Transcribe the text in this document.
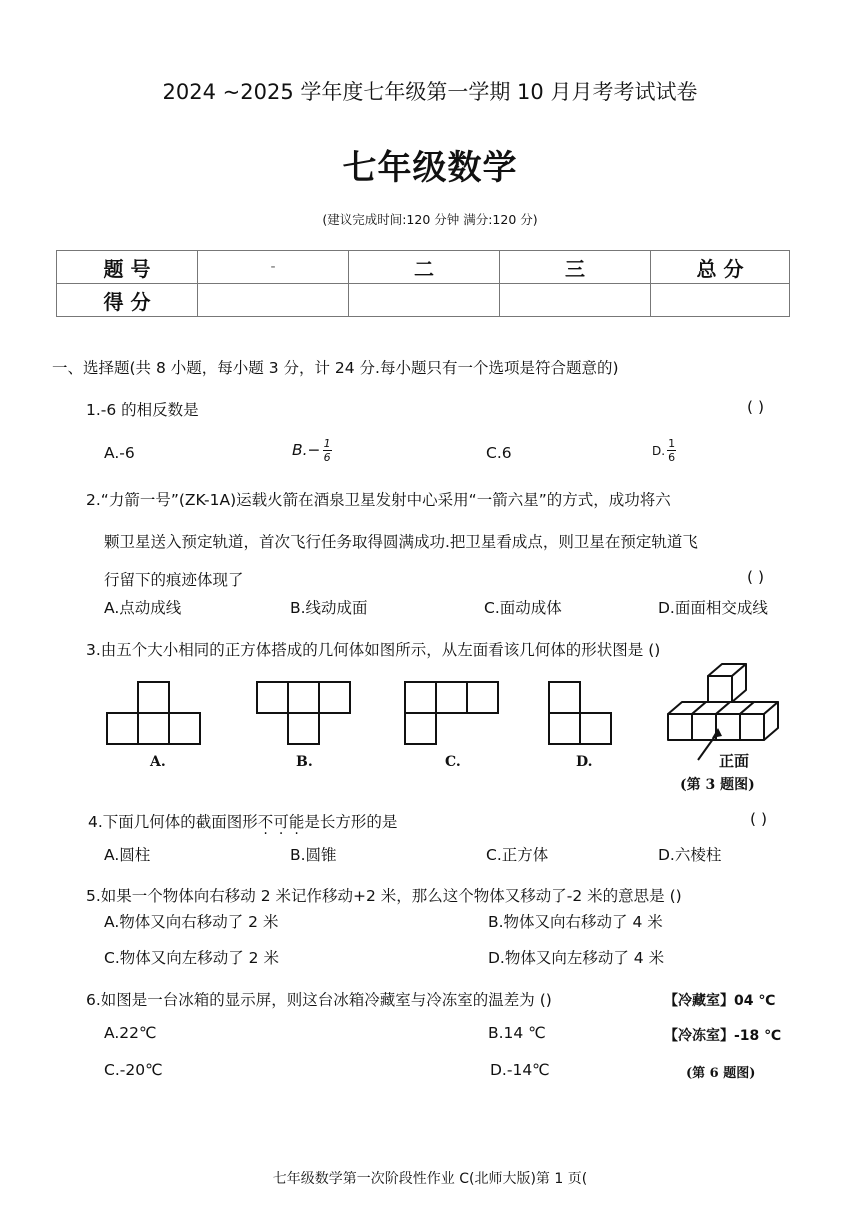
2024 ~2025 学年度七年级第一学期 10 月月考考试试卷
七年级数学
(建议完成时间:120 分钟 满分:120 分)
题 号	-	二	三	总 分
得 分				
一、选择题(共 8 小题，每小题 3 分，计 24 分.每小题只有一个选项是符合题意的)
1.-6 的相反数是	( )
A.-6	$B.- \frac{1}{6}$	C.6	D. $\frac{1}{6}$
2.“力箭一号”(ZK-1A)运载火箭在酒泉卫星发射中心采用“一箭六星”的方式，成功将六
颗卫星送入预定轨道，首次飞行任务取得圆满成功.把卫星看成点，则卫星在预定轨道飞
行留下的痕迹体现了	( )
A.点动成线	B.线动成面	C.面动成体	D.面面相交成线
3.由五个大小相同的正方体搭成的几何体如图所示，从左面看该几何体的形状图是 ()
A.	B.	C.	D.	正面
(第 3 题图)
4.下面几何体的截面图形不可能是长方形的是	( )
A.圆柱	B.圆锥	C.正方体	D.六棱柱
5.如果一个物体向右移动 2 米记作移动+2 米，那么这个物体又移动了-2 米的意思是 ()
A.物体又向右移动了 2 米	B.物体又向右移动了 4 米
C.物体又向左移动了 2 米	D.物体又向左移动了 4 米
6.如图是一台冰箱的显示屏，则这台冰箱冷藏室与冷冻室的温差为 ()
A.22℃	B.14 ℃
C.-20℃	D.-14℃
【冷藏室】04 ℃
【冷冻室】-18 ℃
(第 6 题图)
七年级数学第一次阶段性作业 C(北师大版)第 1 页(
